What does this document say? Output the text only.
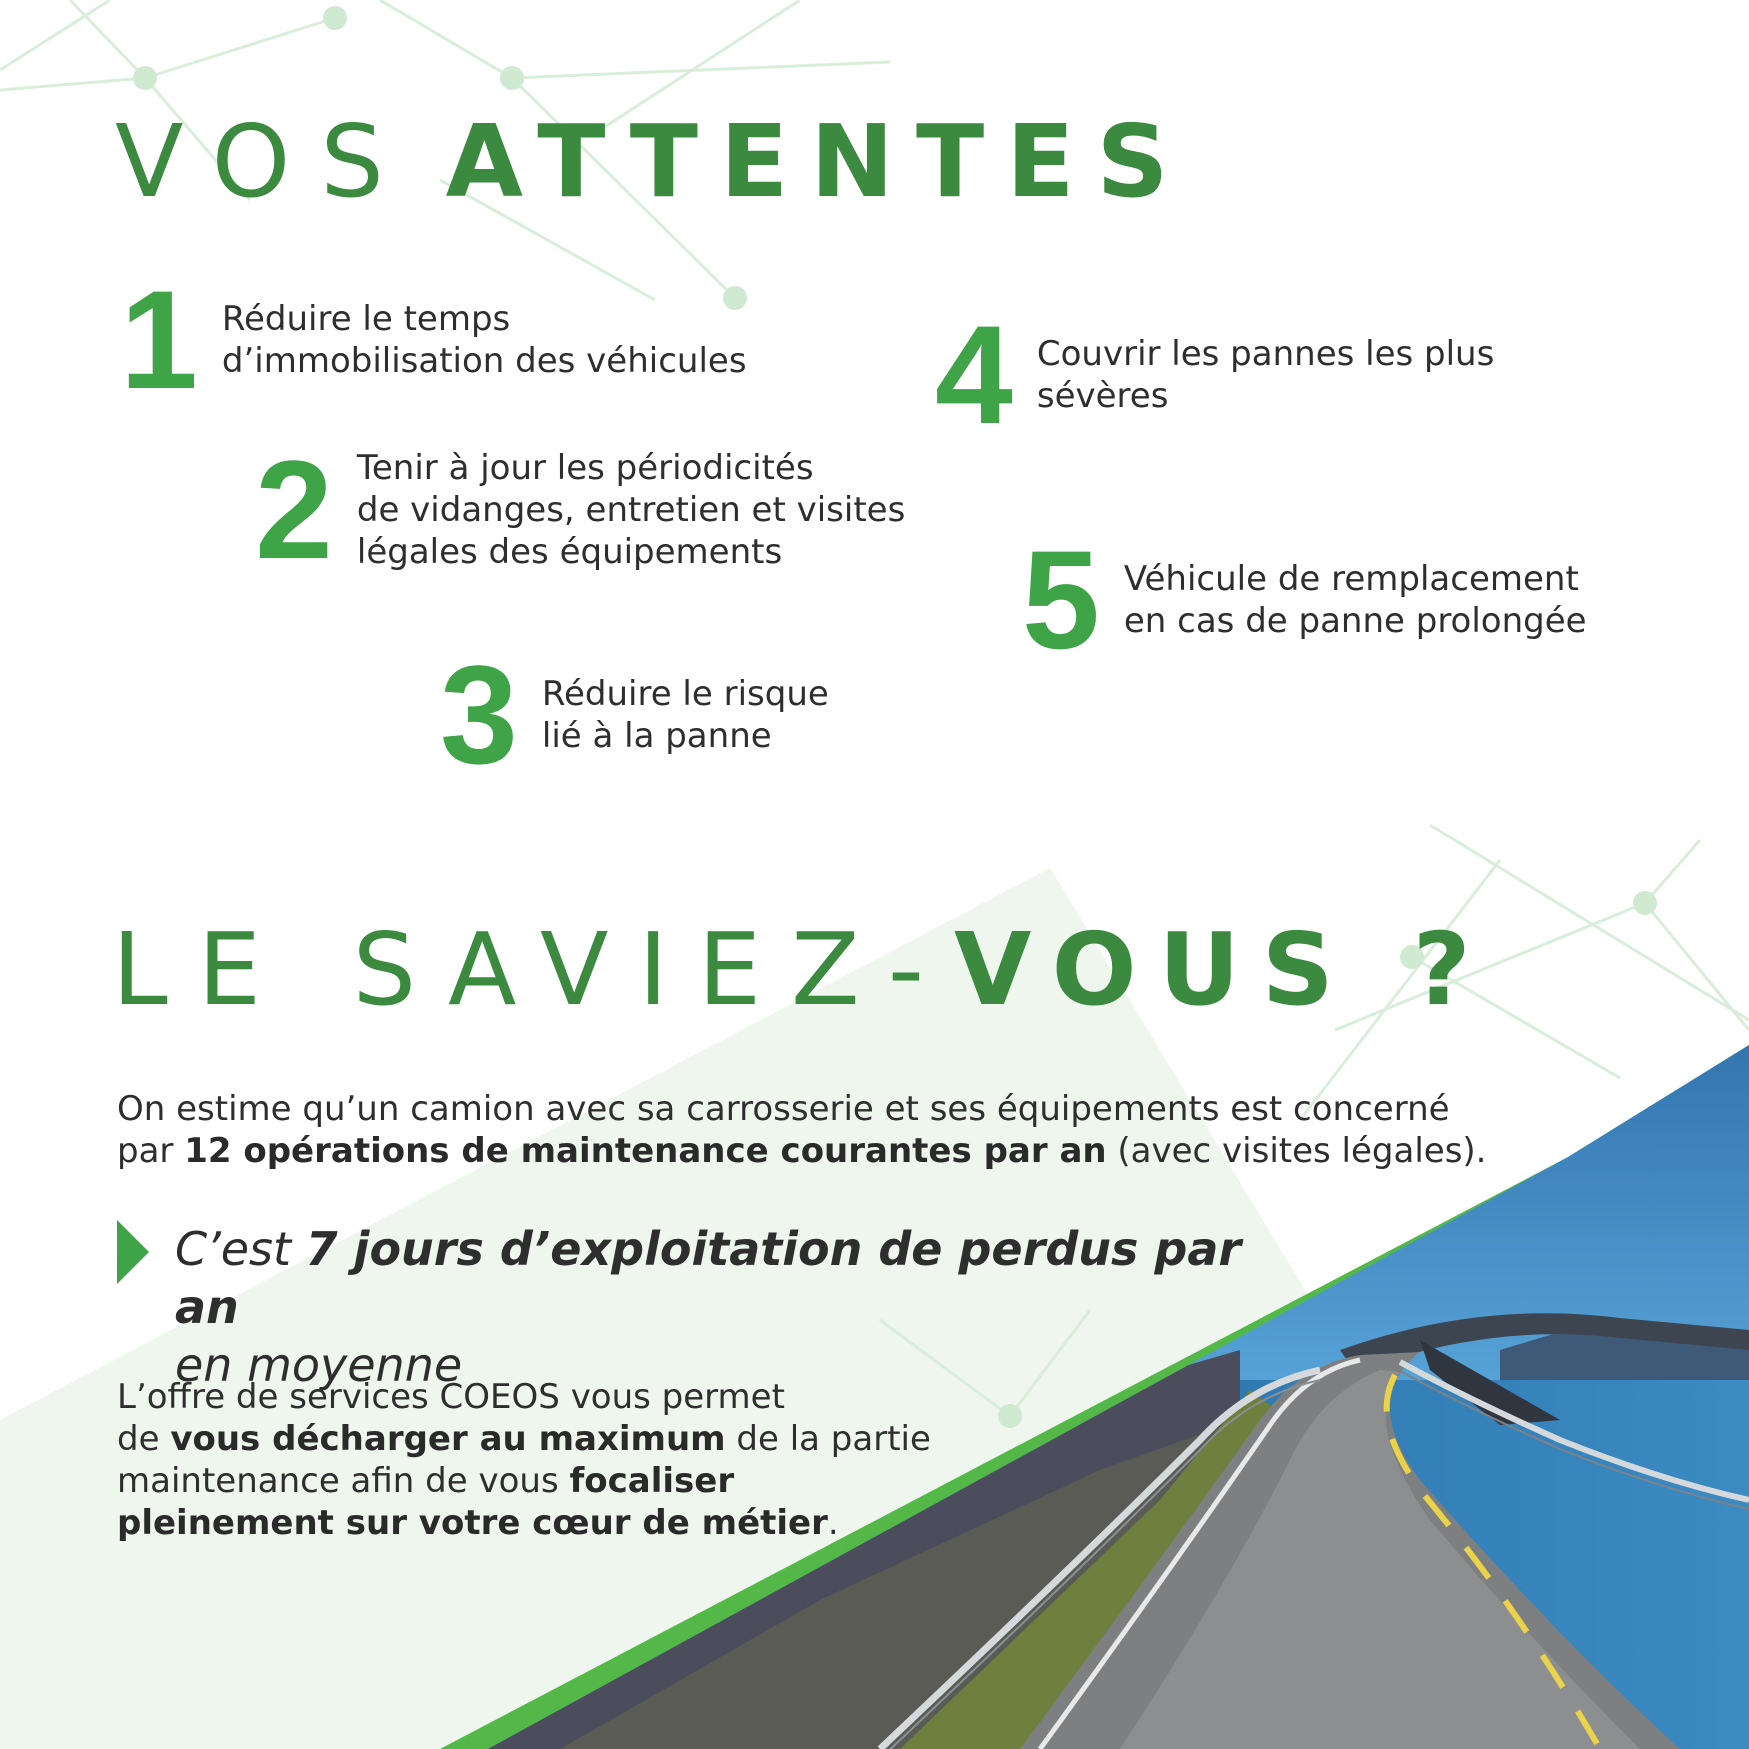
VOS ATTENTES
1 Réduire le temps
d’immobilisation des véhicules
2 Tenir à jour les périodicités
de vidanges, entretien et visites
légales des équipements
3 Réduire le risque
lié à la panne
4 Couvrir les pannes les plus
sévères
5 Véhicule de remplacement
en cas de panne prolongée
LE SAVIEZ-VOUS ?

On estime qu’un camion avec sa carrosserie et ses équipements est concerné
par 12 opérations de maintenance courantes par an (avec visites légales).

C’est 7 jours d’exploitation de perdus par an
en moyenne

L’offre de services COEOS vous permet
de vous décharger au maximum de la partie
maintenance afin de vous focaliser
pleinement sur votre cœur de métier.
